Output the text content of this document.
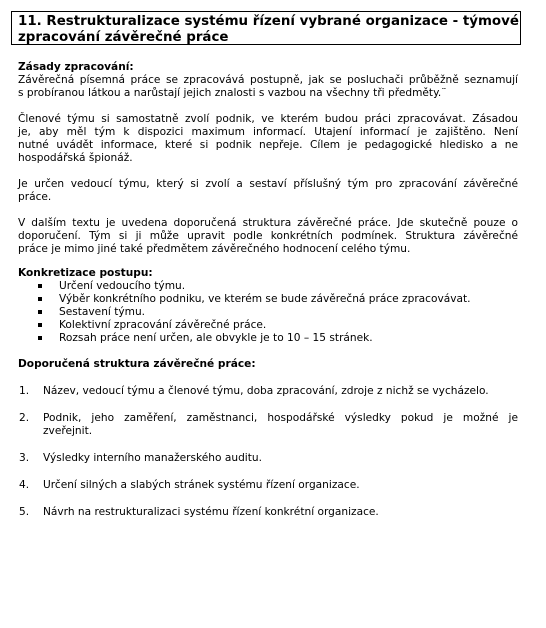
11. Restrukturalizace systému řízení vybrané organizace - týmové
zpracování závěrečné práce
Zásady zpracování:
Závěrečná písemná práce se zpracovává postupně, jak se posluchači průběžně seznamují
s probíranou látkou a narůstají jejich znalosti s vazbou na všechny tři předměty.¨
Členové týmu si samostatně zvolí podnik, ve kterém budou práci zpracovávat. Zásadou
je, aby měl tým k dispozici maximum informací. Utajení informací je zajištěno. Není
nutné uvádět informace, které si podnik nepřeje. Cílem je pedagogické hledisko a ne
hospodářská špionáž.
Je určen vedoucí týmu, který si zvolí a sestaví příslušný tým pro zpracování závěrečné
práce.
V dalším textu je uvedena doporučená struktura závěrečné práce. Jde skutečně pouze o
doporučení. Tým si ji může upravit podle konkrétních podmínek. Struktura závěrečné
práce je mimo jiné také předmětem závěrečného hodnocení celého týmu.
Konkretizace postupu:
Určení vedoucího týmu.
Výběr konkrétního podniku, ve kterém se bude závěrečná práce zpracovávat.
Sestavení týmu.
Kolektivní zpracování závěrečné práce.
Rozsah práce není určen, ale obvykle je to 10 – 15 stránek.
Doporučená struktura závěrečné práce:
1. Název, vedoucí týmu a členové týmu, doba zpracování, zdroje z nichž se vycházelo.
2. Podnik, jeho zaměření, zaměstnanci, hospodářské výsledky pokud je možné je
zveřejnit.
3. Výsledky interního manažerského auditu.
4. Určení silných a slabých stránek systému řízení organizace.
5. Návrh na restrukturalizaci systému řízení konkrétní organizace.
